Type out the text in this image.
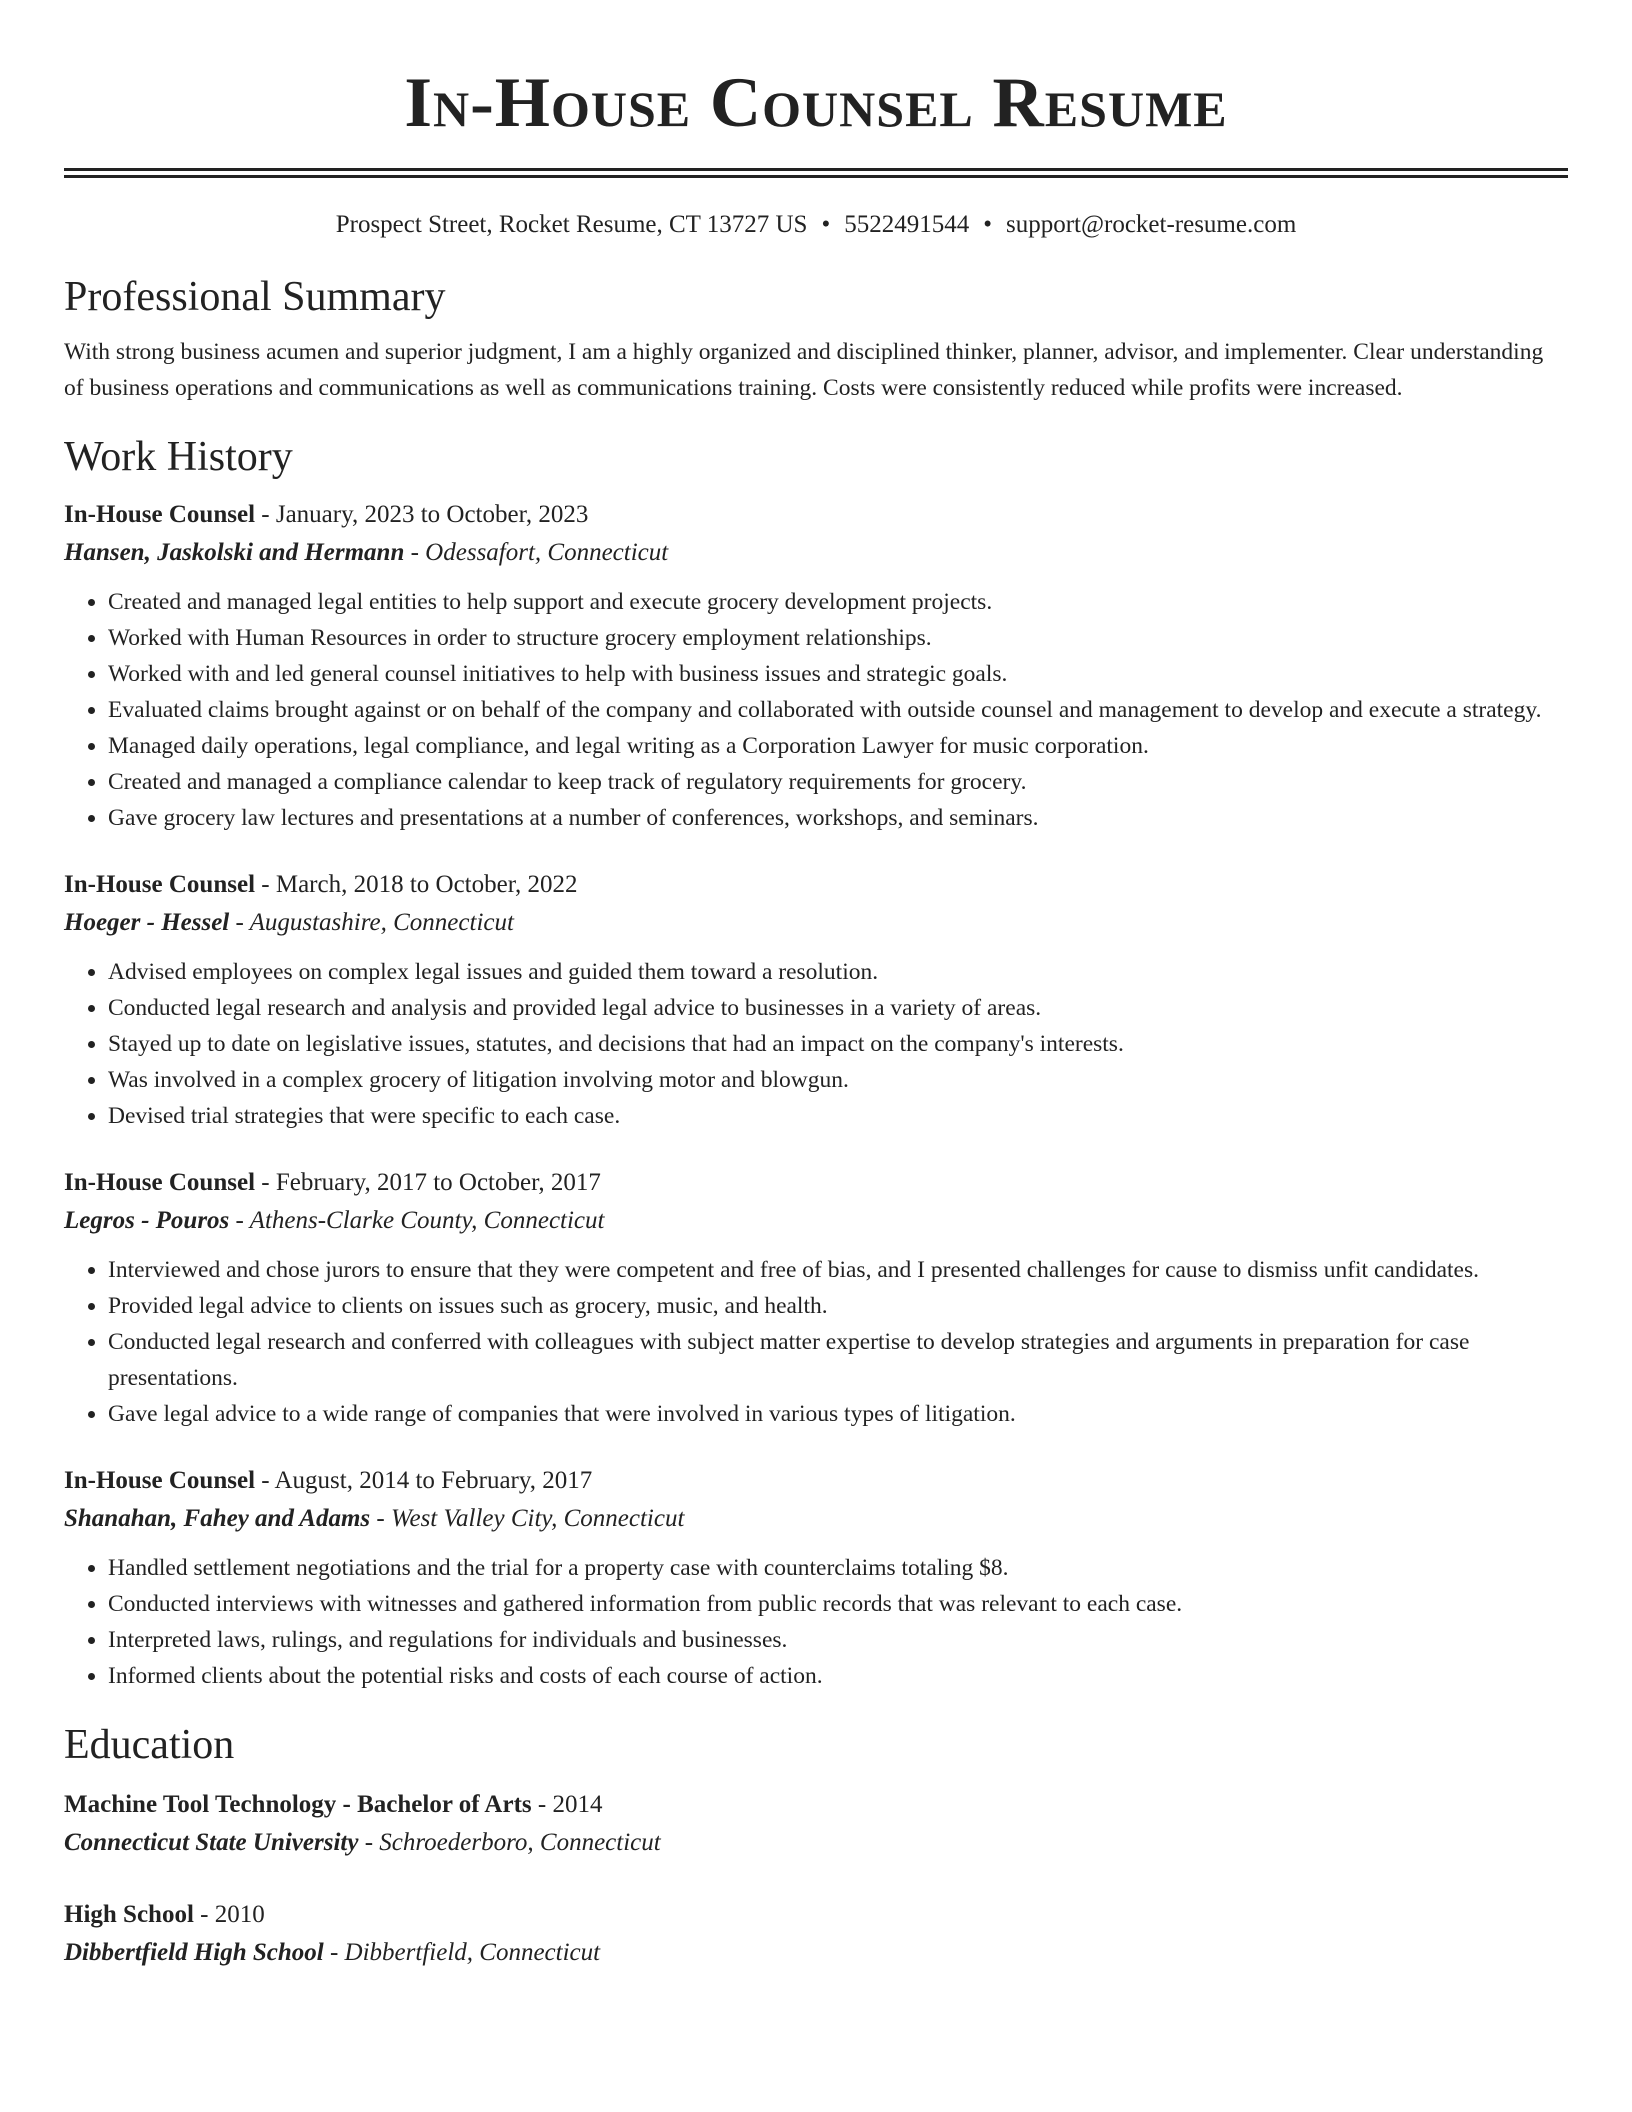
In-House Counsel Resume

Prospect Street, Rocket Resume, CT 13727 US • 5522491544 • support@rocket-resume.com

Professional Summary

With strong business acumen and superior judgment, I am a highly organized and disciplined thinker, planner, advisor, and implementer. Clear understanding of business operations and communications as well as communications training. Costs were consistently reduced while profits were increased.

Work History
In-House Counsel - January, 2023 to October, 2023
Hansen, Jaskolski and Hermann - Odessafort, Connecticut
• Created and managed legal entities to help support and execute grocery development projects.
• Worked with Human Resources in order to structure grocery employment relationships.
• Worked with and led general counsel initiatives to help with business issues and strategic goals.
• Evaluated claims brought against or on behalf of the company and collaborated with outside counsel and management to develop and execute a strategy.
• Managed daily operations, legal compliance, and legal writing as a Corporation Lawyer for music corporation.
• Created and managed a compliance calendar to keep track of regulatory requirements for grocery.
• Gave grocery law lectures and presentations at a number of conferences, workshops, and seminars.
In-House Counsel - March, 2018 to October, 2022
Hoeger - Hessel - Augustashire, Connecticut
• Advised employees on complex legal issues and guided them toward a resolution.
• Conducted legal research and analysis and provided legal advice to businesses in a variety of areas.
• Stayed up to date on legislative issues, statutes, and decisions that had an impact on the company's interests.
• Was involved in a complex grocery of litigation involving motor and blowgun.
• Devised trial strategies that were specific to each case.
In-House Counsel - February, 2017 to October, 2017
Legros - Pouros - Athens-Clarke County, Connecticut
• Interviewed and chose jurors to ensure that they were competent and free of bias, and I presented challenges for cause to dismiss unfit candidates.
• Provided legal advice to clients on issues such as grocery, music, and health.
• Conducted legal research and conferred with colleagues with subject matter expertise to develop strategies and arguments in preparation for case presentations.
• Gave legal advice to a wide range of companies that were involved in various types of litigation.
In-House Counsel - August, 2014 to February, 2017
Shanahan, Fahey and Adams - West Valley City, Connecticut
• Handled settlement negotiations and the trial for a property case with counterclaims totaling $8.
• Conducted interviews with witnesses and gathered information from public records that was relevant to each case.
• Interpreted laws, rulings, and regulations for individuals and businesses.
• Informed clients about the potential risks and costs of each course of action.
Education
Machine Tool Technology - Bachelor of Arts - 2014
Connecticut State University - Schroederboro, Connecticut
High School - 2010
Dibbertfield High School - Dibbertfield, Connecticut
